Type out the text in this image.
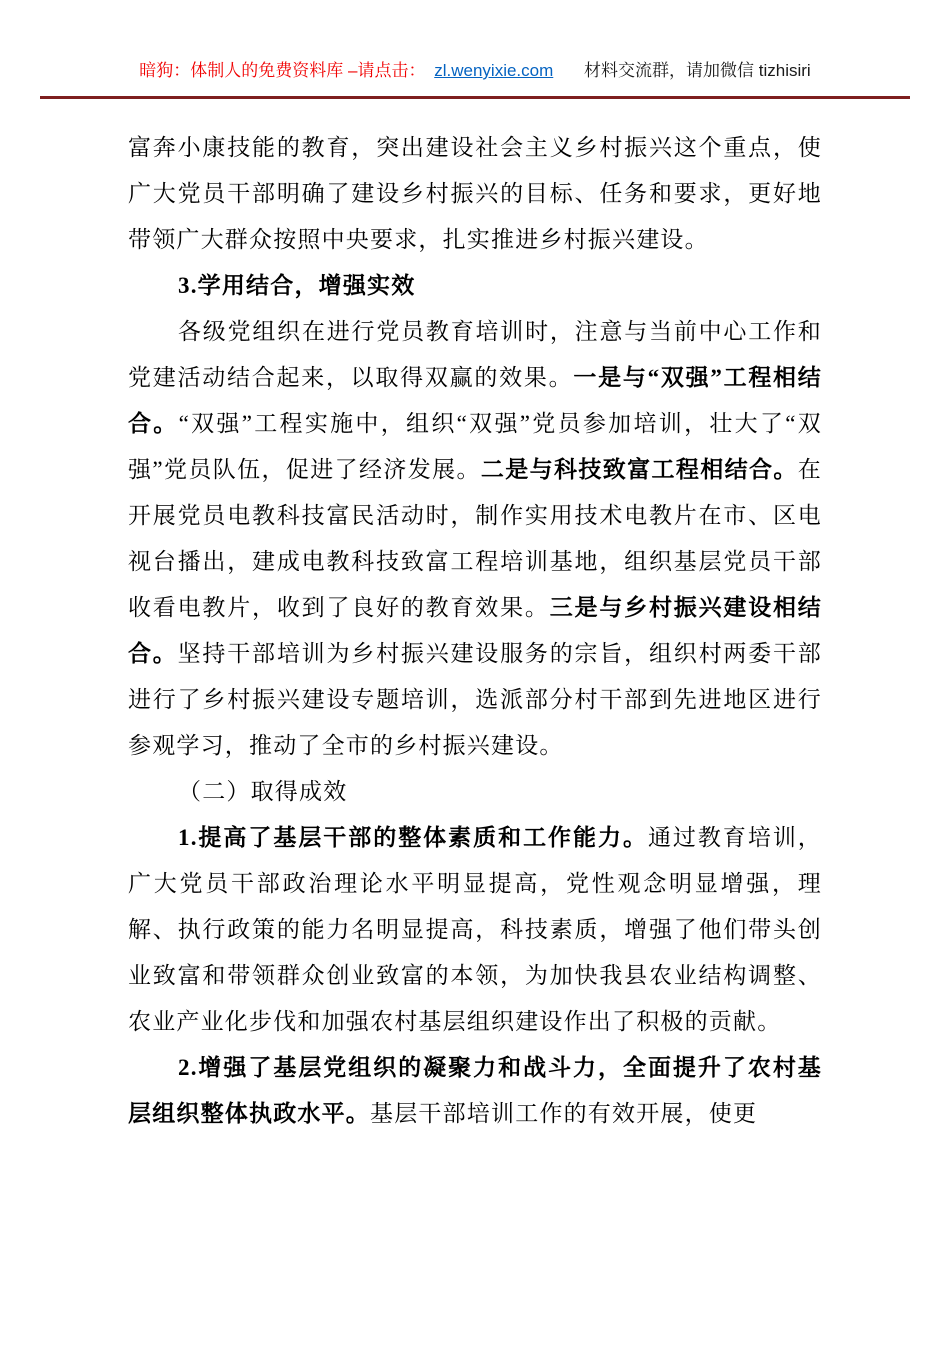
暗狗：体制人的免费资料库 –请点击： zl.wenyixie.com 材料交流群，请加微信 tizhisiri

富奔小康技能的教育，突出建设社会主义乡村振兴这个重点，使广大党员干部明确了建设乡村振兴的目标、任务和要求，更好地带领广大群众按照中央要求，扎实推进乡村振兴建设。

3.学用结合，增强实效

各级党组织在进行党员教育培训时，注意与当前中心工作和党建活动结合起来，以取得双赢的效果。一是与“双强”工程相结合。“双强”工程实施中，组织“双强”党员参加培训，壮大了“双强”党员队伍，促进了经济发展。二是与科技致富工程相结合。在开展党员电教科技富民活动时，制作实用技术电教片在市、区电视台播出，建成电教科技致富工程培训基地，组织基层党员干部收看电教片，收到了良好的教育效果。三是与乡村振兴建设相结合。坚持干部培训为乡村振兴建设服务的宗旨，组织村两委干部进行了乡村振兴建设专题培训，选派部分村干部到先进地区进行参观学习，推动了全市的乡村振兴建设。

（二）取得成效

1.提高了基层干部的整体素质和工作能力。通过教育培训，广大党员干部政治理论水平明显提高，党性观念明显增强，理解、执行政策的能力名明显提高，科技素质，增强了他们带头创业致富和带领群众创业致富的本领，为加快我县农业结构调整、农业产业化步伐和加强农村基层组织建设作出了积极的贡献。

2.增强了基层党组织的凝聚力和战斗力，全面提升了农村基层组织整体执政水平。基层干部培训工作的有效开展，使更
